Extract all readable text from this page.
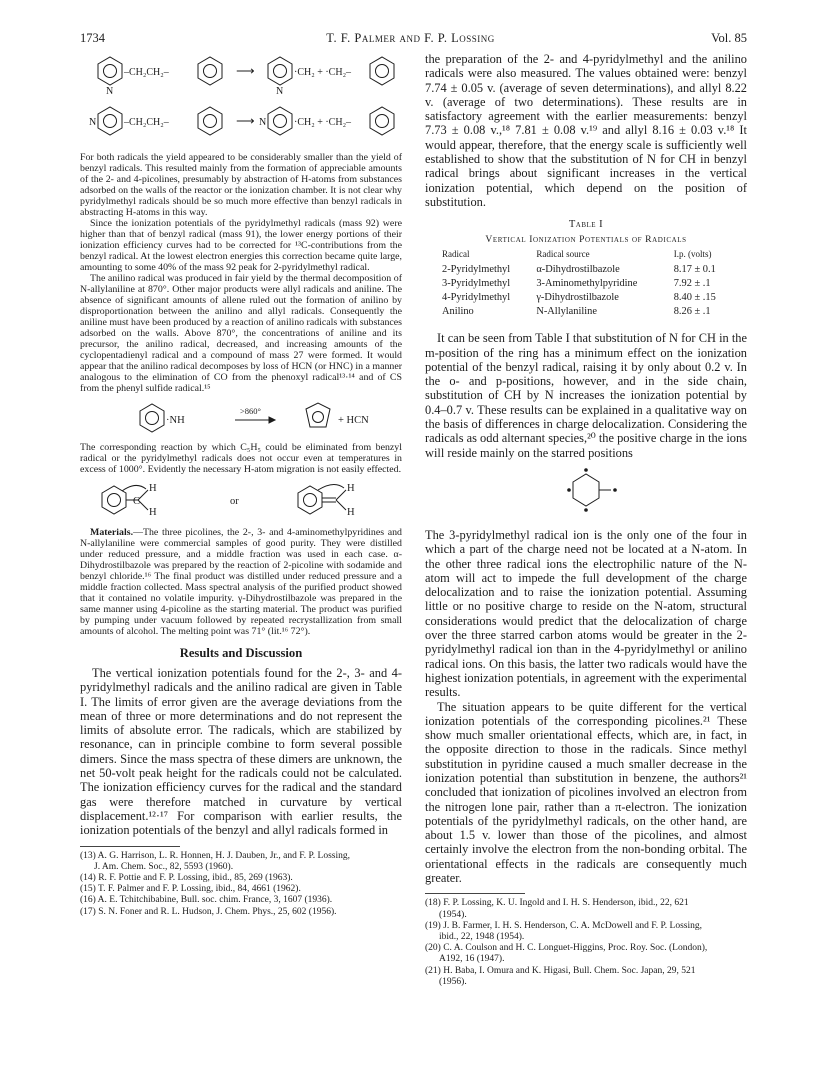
1734	T. F. Palmer and F. P. Lossing	Vol. 85
N	N
N	N
–CH₂CH₂–	⟶	·CH₂ + ·CH₂–
–CH₂CH₂–	⟶	·CH₂ + ·CH₂–

For both radicals the yield appeared to be considerably smaller than the yield of benzyl radicals. This resulted mainly from the formation of appreciable amounts of the 2- and 4-picolines, presumably by abstraction of H-atoms from substances adsorbed on the walls of the reactor or the ionization chamber. It is not clear why pyridylmethyl radicals should be so much more effective than benzyl radicals in abstracting H-atoms in this way.

Since the ionization potentials of the pyridylmethyl radicals (mass 92) were higher than that of benzyl radical (mass 91), the lower energy portions of their ionization efficiency curves had to be corrected for ¹³C-contributions from the benzyl radical. At the lowest electron energies this correction became quite large, amounting to some 40% of the mass 92 peak for 2-pyridylmethyl radical.

The anilino radical was produced in fair yield by the thermal decomposition of N-allylaniline at 870°. Other major products were allyl radicals and aniline. The absence of significant amounts of allene ruled out the formation of anilino by disproportionation between the anilino and allyl radicals. Consequently the aniline must have been produced by a reaction of anilino radicals with substances adsorbed on the walls. Above 870°, the concentrations of aniline and its precursor, the anilino radical, decreased, and increasing amounts of the cyclopentadienyl radical and a compound of mass 27 were formed. It would appear that the anilino radical decomposes by loss of HCN (or HNC) in a manner analogous to the elimination of CO from the phenoxyl radical¹³·¹⁴ and of CS from the phenyl sulfide radical.¹⁵

·NH
>860°
+ HCN

The corresponding reaction by which C₅H₅ could be eliminated from benzyl radical or the pyridylmethyl radicals does not occur even at temperatures in excess of 1000°. Evidently the necessary H-atom migration is not easily effected.

C
H
H
or
H
H

Materials.—The three picolines, the 2-, 3- and 4-aminomethylpyridines and N-allylaniline were commercial samples of good purity. They were distilled under reduced pressure, and a middle fraction was used in each case. α-Dihydrostilbazole was prepared by the reaction of 2-picoline with sodamide and benzyl chloride.¹⁶ The final product was distilled under reduced pressure and a middle fraction collected. Mass spectral analysis of the purified product showed that it contained no volatile impurity. γ-Dihydrostilbazole was prepared in the same manner using 4-picoline as the starting material. The product was purified by pumping under vacuum followed by repeated recrystallization from small amounts of alcohol. The melting point was 71° (lit.¹⁶ 72°).

Results and Discussion

The vertical ionization potentials found for the 2-, 3- and 4-pyridylmethyl radicals and the anilino radical are given in Table I. The limits of error given are the average deviations from the mean of three or more determinations and do not represent the limits of absolute error. The radicals, which are stabilized by resonance, can in principle combine to form several possible dimers. Since the mass spectra of these dimers are unknown, the net 50-volt peak height for the radicals could not be calculated. The ionization efficiency curves for the radical and the standard gas were therefore matched in curvature by vertical displacement.¹²·¹⁷ For comparison with earlier results, the ionization potentials of the benzyl and allyl radicals formed in

(13) A. G. Harrison, L. R. Honnen, H. J. Dauben, Jr., and F. P. Lossing,

J. Am. Chem. Soc., 82, 5593 (1960).

(14) R. F. Pottie and F. P. Lossing, ibid., 85, 269 (1963).

(15) T. F. Palmer and F. P. Lossing, ibid., 84, 4661 (1962).

(16) A. E. Tchitchibabine, Bull. soc. chim. France, 3, 1607 (1936).

(17) S. N. Foner and R. L. Hudson, J. Chem. Phys., 25, 602 (1956).

the preparation of the 2- and 4-pyridylmethyl and the anilino radicals were also measured. The values obtained were: benzyl 7.74 ± 0.05 v. (average of seven determinations), and allyl 8.22 v. (average of two determinations). These results are in satisfactory agreement with the earlier measurements: benzyl 7.73 ± 0.08 v.,¹⁸ 7.81 ± 0.08 v.¹⁹ and allyl 8.16 ± 0.03 v.¹⁸ It would appear, therefore, that the energy scale is sufficiently well established to show that the substitution of N for CH in benzyl radical brings about significant increases in the vertical ionization potential, which depend on the position of substitution.

Table I
Vertical Ionization Potentials of Radicals
Radical	Radical source	I.p. (volts)
2-Pyridylmethyl	α-Dihydrostilbazole	8.17 ± 0.1
3-Pyridylmethyl	3-Aminomethylpyridine	7.92 ± .1
4-Pyridylmethyl	γ-Dihydrostilbazole	8.40 ± .15
Anilino	N-Allylaniline	8.26 ± .1

It can be seen from Table I that substitution of N for CH in the m-position of the ring has a minimum effect on the ionization potential of the benzyl radical, raising it by only about 0.2 v. In the o- and p-positions, however, and in the side chain, substitution of CH by N increases the ionization potential by 0.4–0.7 v. These results can be explained in a qualitative way on the basis of differences in charge delocalization. Considering the radicals as odd alternant species,²⁰ the positive charge in the ions will reside mainly on the starred positions

The 3-pyridylmethyl radical ion is the only one of the four in which a part of the charge need not be located at a N-atom. In the other three radical ions the electrophilic nature of the N-atom will act to impede the full development of the charge delocalization and to raise the ionization potential. Assuming little or no positive charge to reside on the N-atom, structural considerations would predict that the delocalization of charge over the three starred carbon atoms would be greater in the 2-pyridylmethyl radical ion than in the 4-pyridylmethyl or anilino radical ions. On this basis, the latter two radicals would have the highest ionization potentials, in agreement with the experimental results.

The situation appears to be quite different for the vertical ionization potentials of the corresponding picolines.²¹ These show much smaller orientational effects, which are, in fact, in the opposite direction to those in the radicals. Since methyl substitution in pyridine caused a much smaller decrease in the ionization potential than substitution in benzene, the authors²¹ concluded that ionization of picolines involved an electron from the nitrogen lone pair, rather than a π-electron. The ionization potentials of the pyridylmethyl radicals, on the other hand, are about 1.5 v. lower than those of the picolines, and almost certainly involve the electron from the non-bonding orbital. The orientational effects in the radicals are consequently much greater.

(18) F. P. Lossing, K. U. Ingold and I. H. S. Henderson, ibid., 22, 621

(1954).

(19) J. B. Farmer, I. H. S. Henderson, C. A. McDowell and F. P. Lossing,

ibid., 22, 1948 (1954).

(20) C. A. Coulson and H. C. Longuet-Higgins, Proc. Roy. Soc. (London),

A192, 16 (1947).

(21) H. Baba, I. Omura and K. Higasi, Bull. Chem. Soc. Japan, 29, 521

(1956).
